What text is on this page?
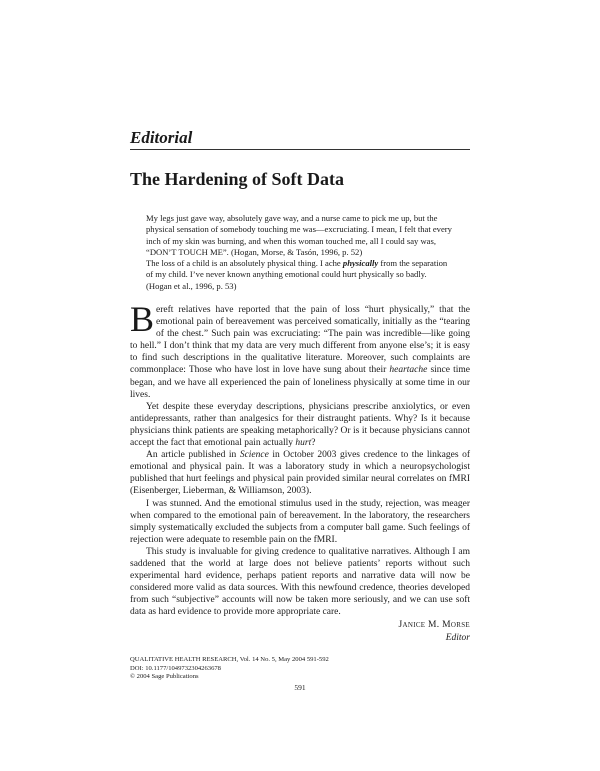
Editorial
The Hardening of Soft Data
My legs just gave way, absolutely gave way, and a nurse came to pick me up, but the physical sensation of somebody touching me was—excruciating. I mean, I felt that every inch of my skin was burning, and when this woman touched me, all I could say was, “DON’T TOUCH ME”. (Hogan, Morse, & Tasón, 1996, p. 52)
The loss of a child is an absolutely physical thing. I ache physically from the separation of my child. I’ve never known anything emotional could hurt physically so badly. (Hogan et al., 1996, p. 53)

Bereft relatives have reported that the pain of loss “hurt physically,” that the emotional pain of bereavement was perceived somatically, initially as the “tearing of the chest.” Such pain was excruciating: “The pain was incredible—like going to hell.” I don’t think that my data are very much different from anyone else’s; it is easy to find such descriptions in the qualitative literature. Moreover, such complaints are commonplace: Those who have lost in love have sung about their heartache since time began, and we have all experienced the pain of loneliness physically at some time in our lives.

Yet despite these everyday descriptions, physicians prescribe anxiolytics, or even antidepressants, rather than analgesics for their distraught patients. Why? Is it because physicians think patients are speaking metaphorically? Or is it because physicians cannot accept the fact that emotional pain actually hurt?

An article published in Science in October 2003 gives credence to the linkages of emotional and physical pain. It was a laboratory study in which a neuropsychologist published that hurt feelings and physical pain provided similar neural correlates on fMRI (Eisenberger, Lieberman, & Williamson, 2003).

I was stunned. And the emotional stimulus used in the study, rejection, was meager when compared to the emotional pain of bereavement. In the laboratory, the researchers simply systematically excluded the subjects from a computer ball game. Such feelings of rejection were adequate to resemble pain on the fMRI.

This study is invaluable for giving credence to qualitative narratives. Although I am saddened that the world at large does not believe patients’ reports without such experimental hard evidence, perhaps patient reports and narrative data will now be considered more valid as data sources. With this newfound credence, theories developed from such “subjective” accounts will now be taken more seriously, and we can use soft data as hard evidence to provide more appropriate care.

Janice M. Morse
Editor
QUALITATIVE HEALTH RESEARCH, Vol. 14 No. 5, May 2004 591-592
DOI: 10.1177/1049732304263678
© 2004 Sage Publications
591
